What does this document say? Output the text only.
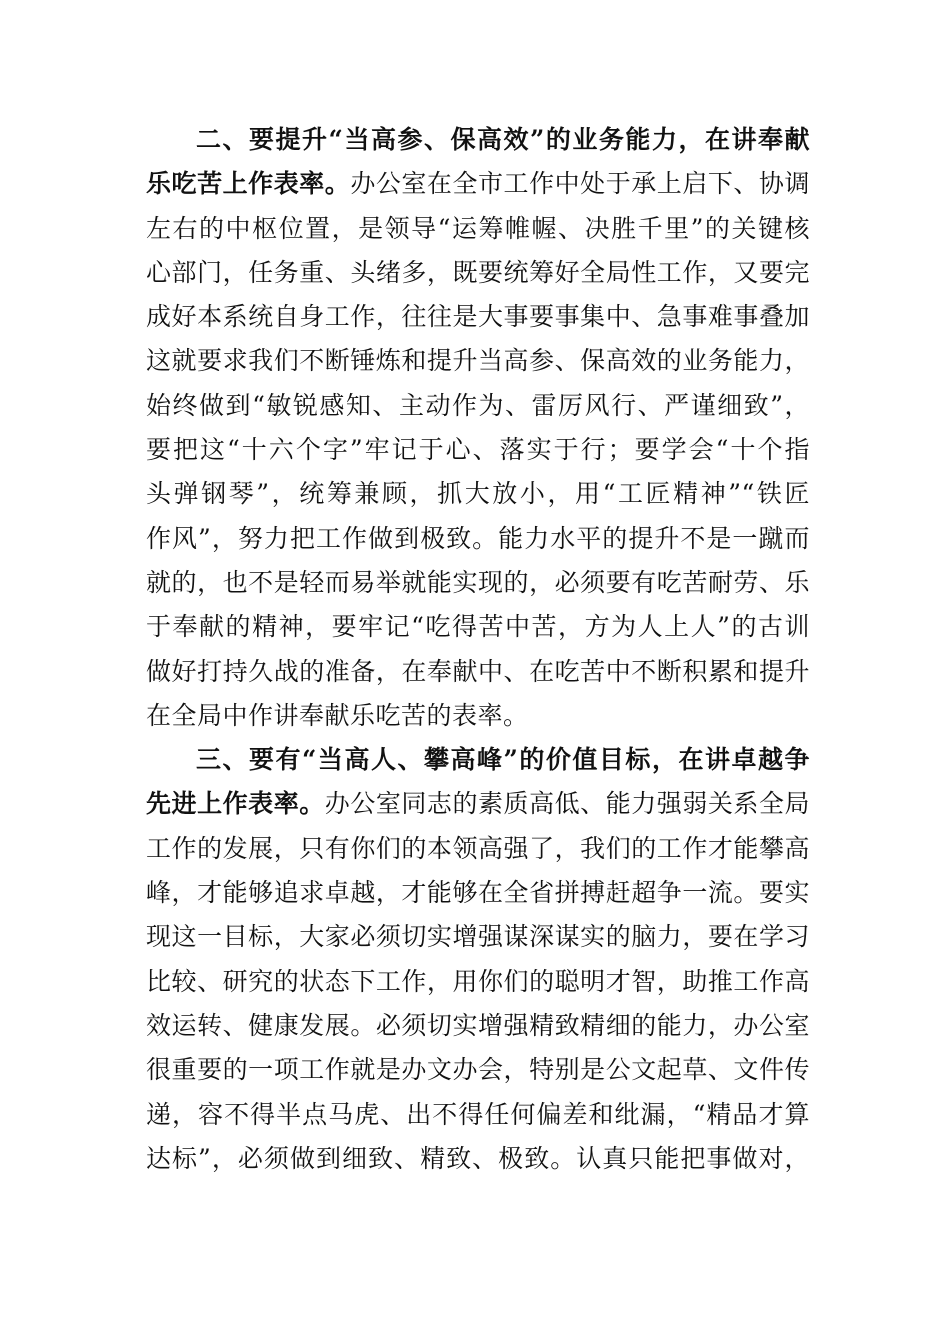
二、要提升“当高参、保高效”的业务能力，在讲奉献
乐吃苦上作表率。办公室在全市工作中处于承上启下、协调
左右的中枢位置，是领导“运筹帷幄、决胜千里”的关键核
心部门，任务重、头绪多，既要统筹好全局性工作，又要完
成好本系统自身工作，往往是大事要事集中、急事难事叠加
这就要求我们不断锤炼和提升当高参、保高效的业务能力，
始终做到“敏锐感知、主动作为、雷厉风行、严谨细致”，
要把这“十六个字”牢记于心、落实于行；要学会“十个指
头弹钢琴”，统筹兼顾，抓大放小，用“工匠精神”“铁匠
作风”，努力把工作做到极致。能力水平的提升不是一蹴而
就的，也不是轻而易举就能实现的，必须要有吃苦耐劳、乐
于奉献的精神，要牢记“吃得苦中苦，方为人上人”的古训
做好打持久战的准备，在奉献中、在吃苦中不断积累和提升
在全局中作讲奉献乐吃苦的表率。
三、要有“当高人、攀高峰”的价值目标，在讲卓越争
先进上作表率。办公室同志的素质高低、能力强弱关系全局
工作的发展，只有你们的本领高强了，我们的工作才能攀高
峰，才能够追求卓越，才能够在全省拼搏赶超争一流。要实
现这一目标，大家必须切实增强谋深谋实的脑力，要在学习
比较、研究的状态下工作，用你们的聪明才智，助推工作高
效运转、健康发展。必须切实增强精致精细的能力，办公室
很重要的一项工作就是办文办会，特别是公文起草、文件传
递，容不得半点马虎、出不得任何偏差和纰漏，“精品才算
达标”，必须做到细致、精致、极致。认真只能把事做对，
